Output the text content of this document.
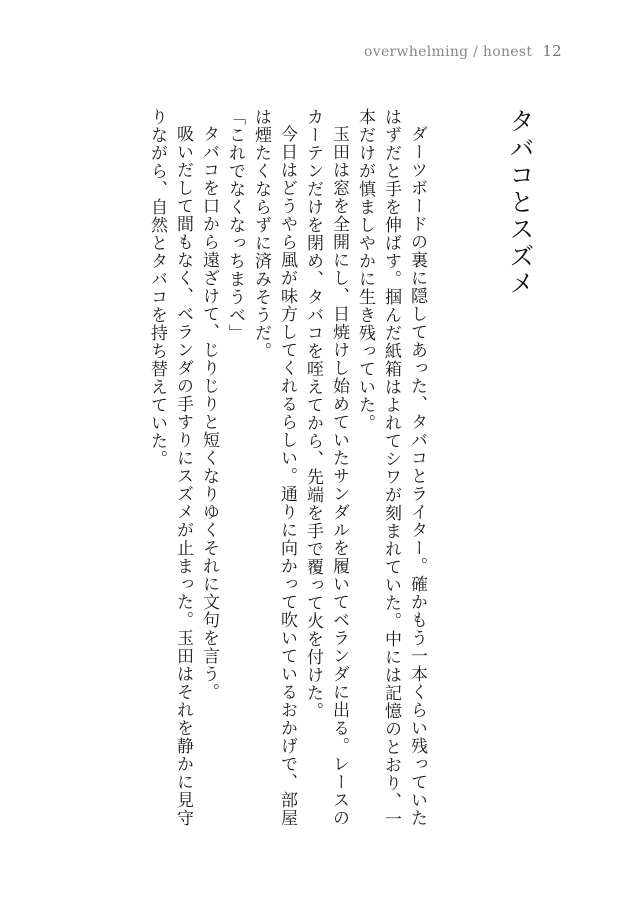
overwhelming / honest 12
タバコとスズメ

ダーツボードの裏に隠してあった、タバコとライター。確かもう一本くらい残っていたはずだと手を伸ばす。掴んだ紙箱はよれてシワが刻まれていた。中には記憶のとおり、一本だけが慎ましやかに生き残っていた。

玉田は窓を全開にし、日焼けし始めていたサンダルを履いてベランダに出る。レースのカーテンだけを閉め、タバコを咥えてから、先端を手で覆って火を付けた。

今日はどうやら風が味方してくれるらしい。通りに向かって吹いているおかげで、部屋は煙たくならずに済みそうだ。

「これでなくなっちまうべ」

タバコを口から遠ざけて、じりじりと短くなりゆくそれに文句を言う。

吸いだして間もなく、ベランダの手すりにスズメが止まった。玉田はそれを静かに見守りながら、自然とタバコを持ち替えていた。
